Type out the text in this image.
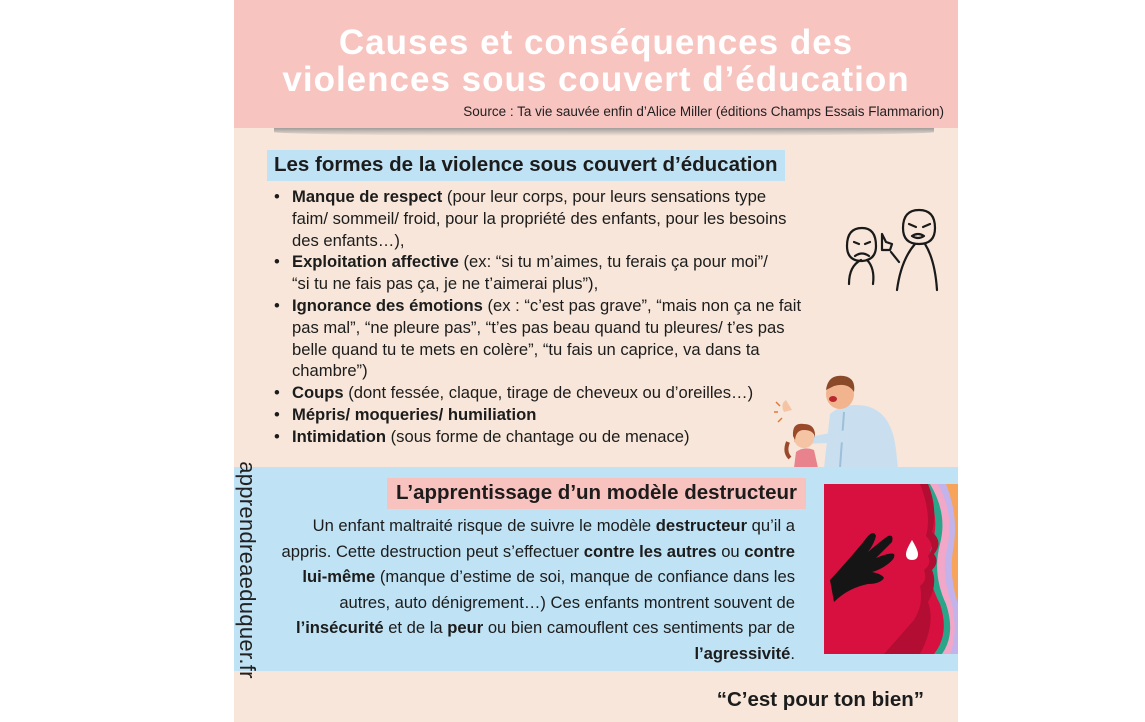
Causes et conséquences des
violences sous couvert d’éducation
Source : Ta vie sauvée enfin d’Alice Miller (éditions Champs Essais Flammarion)
Les formes de la violence sous couvert d’éducation
• Manque de respect (pour leur corps, pour leurs sensations type
faim/ sommeil/ froid, pour la propriété des enfants, pour les besoins
des enfants…),
• Exploitation affective (ex: “si tu m’aimes, tu ferais ça pour moi”/
“si tu ne fais pas ça, je ne t’aimerai plus”),
• Ignorance des émotions (ex : “c’est pas grave”, “mais non ça ne fait
pas mal”, “ne pleure pas”, “t’es pas beau quand tu pleures/ t’es pas
belle quand tu te mets en colère”, “tu fais un caprice, va dans ta
chambre”)
• Coups (dont fessée, claque, tirage de cheveux ou d’oreilles…)
• Mépris/ moqueries/ humiliation
• Intimidation (sous forme de chantage ou de menace)
apprendreaeduquer.fr	L’apprentissage d’un modèle destructeur
Un enfant maltraité risque de suivre le modèle destructeur qu’il a appris. Cette destruction peut s’effectuer contre les autres ou contre lui-même (manque d’estime de soi, manque de confiance dans les autres, auto dénigrement…) Ces enfants montrent souvent de l’insécurité et de la peur ou bien camouflent ces sentiments par de l’agressivité.
“C’est pour ton bien”
